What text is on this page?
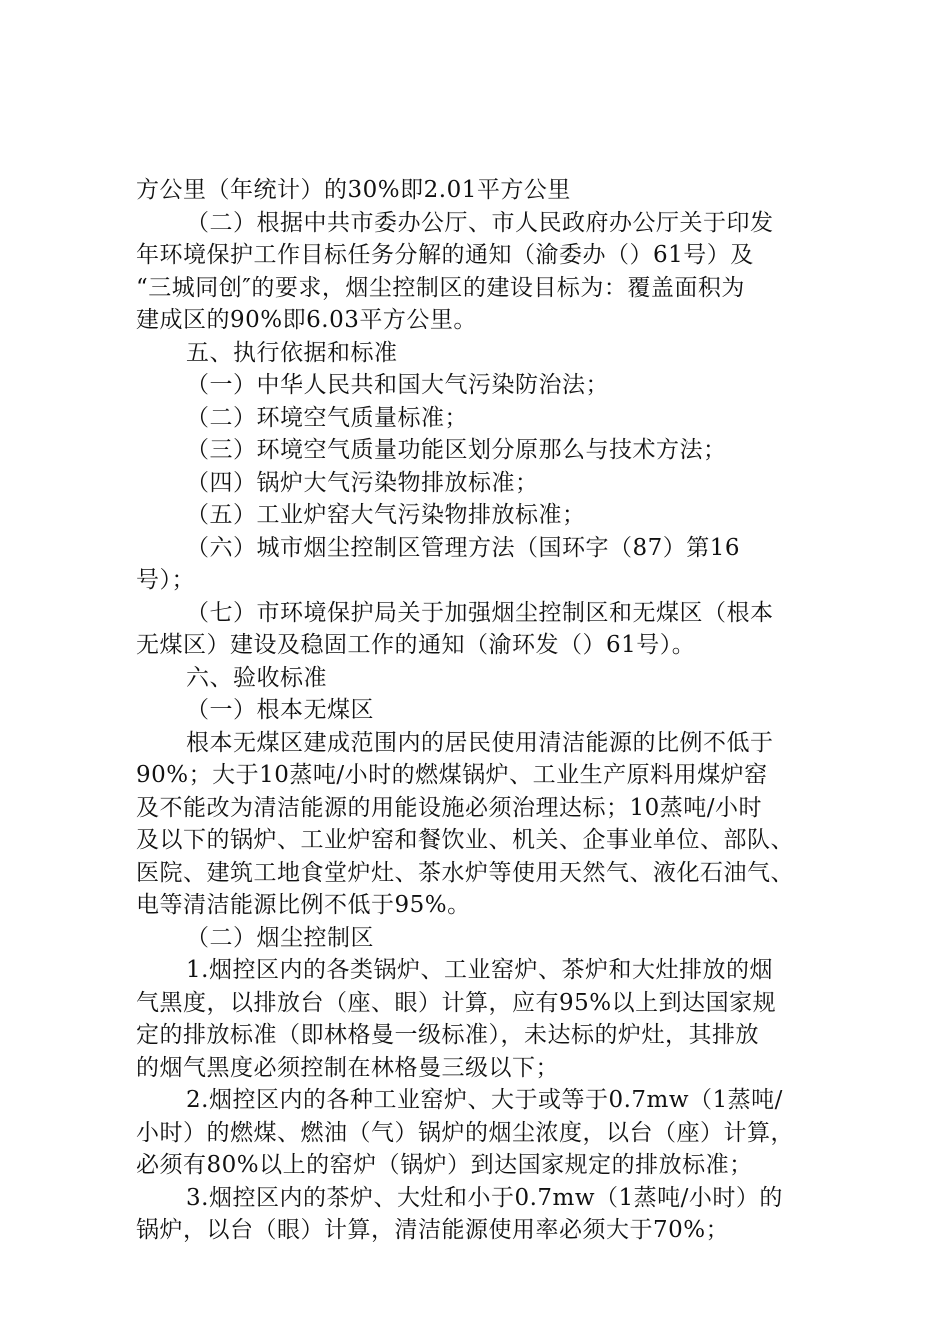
方公里（年统计）的30%即2.01平方公里
（二）根据中共市委办公厅、市人民政府办公厅关于印发
年环境保护工作目标任务分解的通知（渝委办（）61号）及
“三城同创″的要求，烟尘控制区的建设目标为：覆盖面积为
建成区的90%即6.03平方公里。
五、执行依据和标准
（一）中华人民共和国大气污染防治法；
（二）环境空气质量标准；
（三）环境空气质量功能区划分原那么与技术方法；
（四）锅炉大气污染物排放标准；
（五）工业炉窑大气污染物排放标准；
（六）城市烟尘控制区管理方法（国环字（87）第16
号）；
（七）市环境保护局关于加强烟尘控制区和无煤区（根本
无煤区）建设及稳固工作的通知（渝环发（）61号）。
六、验收标准
（一）根本无煤区
根本无煤区建成范围内的居民使用清洁能源的比例不低于
90%；大于10蒸吨/小时的燃煤锅炉、工业生产原料用煤炉窑
及不能改为清洁能源的用能设施必须治理达标；10蒸吨/小时
及以下的锅炉、工业炉窑和餐饮业、机关、企事业单位、部队、
医院、建筑工地食堂炉灶、茶水炉等使用天然气、液化石油气、
电等清洁能源比例不低于95%。
（二）烟尘控制区
1.烟控区内的各类锅炉、工业窑炉、茶炉和大灶排放的烟
气黑度，以排放台（座、眼）计算，应有95%以上到达国家规
定的排放标准（即林格曼一级标准），未达标的炉灶，其排放
的烟气黑度必须控制在林格曼三级以下；
2.烟控区内的各种工业窑炉、大于或等于0.7mw（1蒸吨/
小时）的燃煤、燃油（气）锅炉的烟尘浓度，以台（座）计算，
必须有80%以上的窑炉（锅炉）到达国家规定的排放标准；
3.烟控区内的茶炉、大灶和小于0.7mw（1蒸吨/小时）的
锅炉，以台（眼）计算，清洁能源使用率必须大于70%；
